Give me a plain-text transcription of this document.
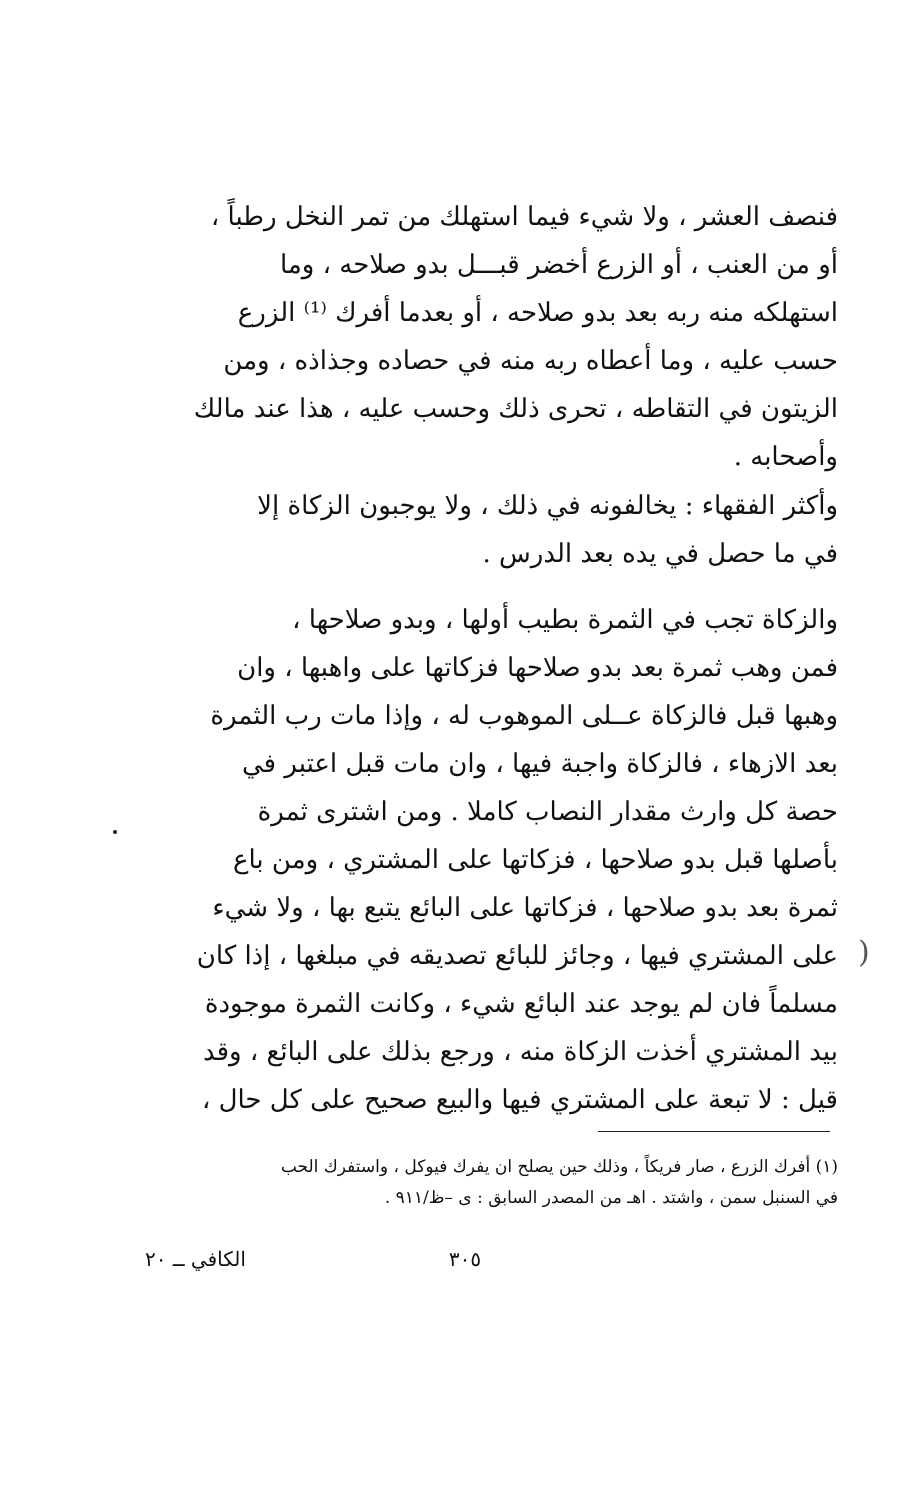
فنصف العشر ، ولا شيء فيما استهلك من تمر النخل رطباً ،
أو من العنب ، أو الزرع أخضر قبـــل بدو صلاحه ، وما
استهلكه منه ربه بعد بدو صلاحه ، أو بعدما أفرك ⁽¹⁾ الزرع
حسب عليه ، وما أعطاه ربه منه في حصاده وجذاذه ، ومن
الزيتون في التقاطه ، تحرى ذلك وحسب عليه ، هذا عند مالك
وأصحابه .
وأكثر الفقهاء : يخالفونه في ذلك ، ولا يوجبون الزكاة إلا
في ما حصل في يده بعد الدرس .
والزكاة تجب في الثمرة بطيب أولها ، وبدو صلاحها ،
فمن وهب ثمرة بعد بدو صلاحها فزكاتها على واهبها ، وان
وهبها قبل فالزكاة عــلى الموهوب له ، وإذا مات رب الثمرة
بعد الازهاء ، فالزكاة واجبة فيها ، وان مات قبل اعتبر في
حصة كل وارث مقدار النصاب كاملا . ومن اشترى ثمرة
بأصلها قبل بدو صلاحها ، فزكاتها على المشتري ، ومن باع
ثمرة بعد بدو صلاحها ، فزكاتها على البائع يتبع بها ، ولا شيء
على المشتري فيها ، وجائز للبائع تصديقه في مبلغها ، إذا كان
مسلماً فان لم يوجد عند البائع شيء ، وكانت الثمرة موجودة
بيد المشتري أخذت الزكاة منه ، ورجع بذلك على البائع ، وقد
قيل : لا تبعة على المشتري فيها والبيع صحيح على كل حال ،
(١) أفرك الزرع ، صار فريكاً ، وذلك حين يصلح ان يفرك فيوكل ، واستفرك الحب
في السنبل سمن ، واشتد . اهـ من المصدر السابق : ى –ظ/٩١١ .
٣٠٥
الكافي ــ ٢٠
)
